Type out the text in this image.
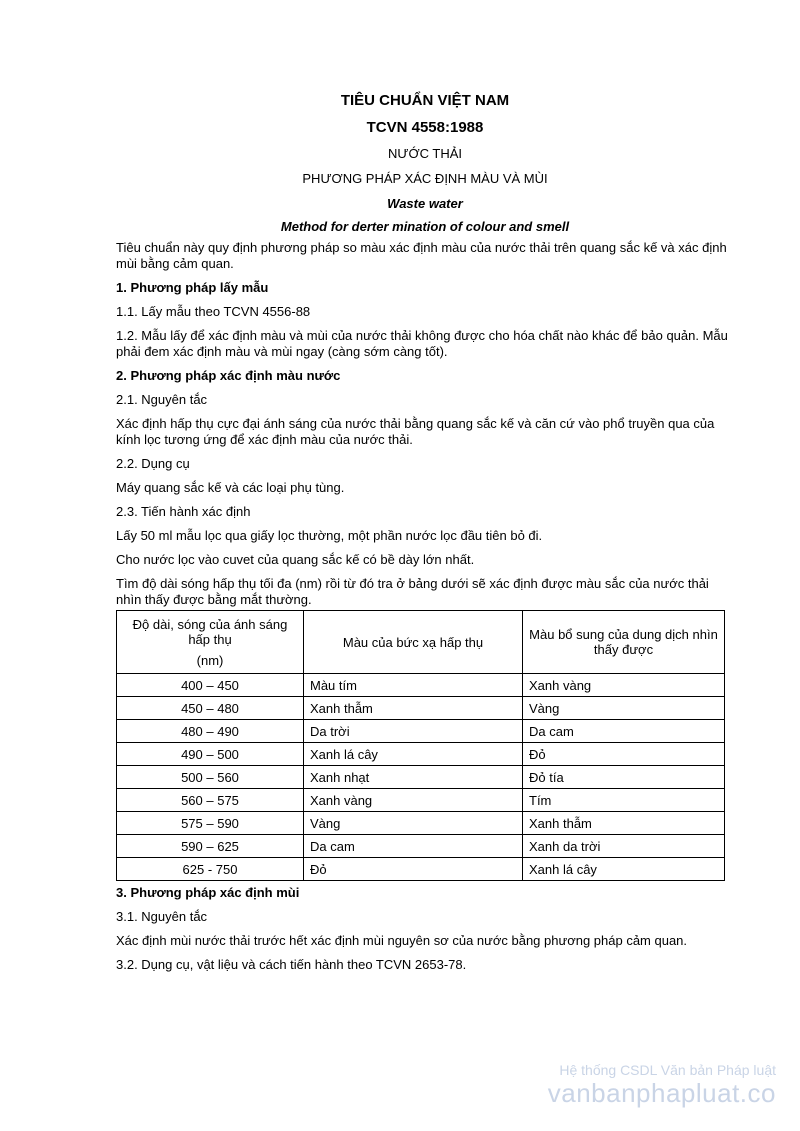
TIÊU CHUẨN VIỆT NAM
TCVN 4558:1988
NƯỚC THẢI
PHƯƠNG PHÁP XÁC ĐỊNH MÀU VÀ MÙI
Waste water
Method for derter mination of colour and smell

Tiêu chuẩn này quy định phương pháp so màu xác định màu của nước thải trên quang sắc kế và xác định mùi bằng cảm quan.

1. Phương pháp lấy mẫu

1.1. Lấy mẫu theo TCVN 4556-88

1.2. Mẫu lấy để xác định màu và mùi của nước thải không được cho hóa chất nào khác để bảo quản. Mẫu phải đem xác định màu và mùi ngay (càng sớm càng tốt).

2. Phương pháp xác định màu nước

2.1. Nguyên tắc

Xác định hấp thụ cực đại ánh sáng của nước thải bằng quang sắc kế và căn cứ vào phổ truyền qua của kính lọc tương ứng để xác định màu của nước thải.

2.2. Dụng cụ

Máy quang sắc kế và các loại phụ tùng.

2.3. Tiến hành xác định

Lấy 50 ml mẫu lọc qua giấy lọc thường, một phần nước lọc đầu tiên bỏ đi.

Cho nước lọc vào cuvet của quang sắc kế có bề dày lớn nhất.

Tìm độ dài sóng hấp thụ tối đa (nm) rồi từ đó tra ở bảng dưới sẽ xác định được màu sắc của nước thải nhìn thấy được bằng mắt thường.

Độ dài, sóng của ánh sáng hấp thụ
(nm)	Màu của bức xạ hấp thụ	Màu bổ sung của dung dịch nhìn thấy được
400 – 450	Màu tím	Xanh vàng
450 – 480	Xanh thẫm	Vàng
480 – 490	Da trời	Da cam
490 – 500	Xanh lá cây	Đỏ
500 – 560	Xanh nhạt	Đỏ tía
560 – 575	Xanh vàng	Tím
575 – 590	Vàng	Xanh thẫm
590 – 625	Da cam	Xanh da trời
625 - 750	Đỏ	Xanh lá cây

3. Phương pháp xác định mùi

3.1. Nguyên tắc

Xác định mùi nước thải trước hết xác định mùi nguyên sơ của nước bằng phương pháp cảm quan.

3.2. Dụng cụ, vật liệu và cách tiến hành theo TCVN 2653-78.

Hệ thống CSDL Văn bản Pháp luật
vanbanphapluat.co
